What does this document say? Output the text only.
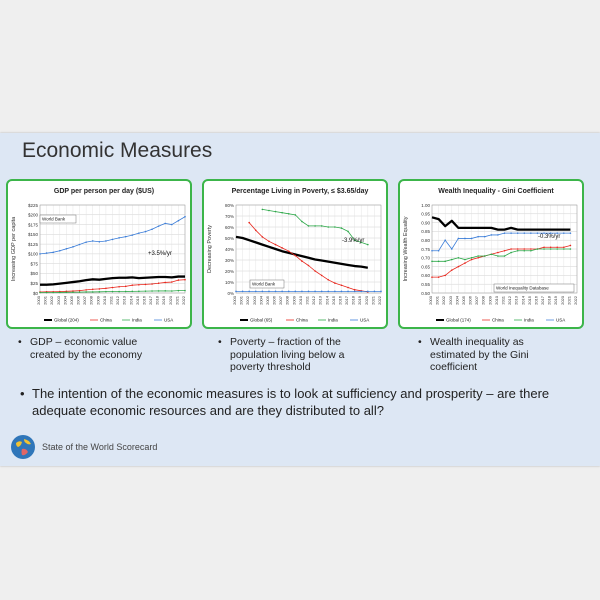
Economic Measures
GDP per person per day ($US)
Increasing GDP per capita
$0
$25
$50
$75
$100
$125
$150
$175
$200
$225
2000 2001 2002 2003 2004 2005 2006 2007 2008 2009 2010 2011 2012 2013 2014 2015 2016 2017 2018 2019 2020 2021 2022
World Bank
+3.5%/yr
Global (204)	China	India	USA
Percentage Living in Poverty, ≤ $3.65/day
Decreasing Poverty
0%
10%
20%
30%
40%
50%
60%
70%
80%
2000 2001 2002 2003 2004 2005 2006 2007 2008 2009 2010 2011 2012 2013 2014 2015 2016 2017 2018 2019 2020 2021 2022
World Bank
-3.9%/yr
Global (65)	China	India	USA
Wealth Inequality - Gini Coefficient
Increasing Wealth Equality
0.50
0.55
0.60
0.65
0.70
0.75
0.80
0.85
0.90
0.95
1.00
2000 2001 2002 2003 2004 2005 2006 2007 2008 2009 2010 2011 2012 2013 2014 2015 2016 2017 2018 2019 2020 2021 2022
World Inequality Database
-0.3%/yr
Global (174)	China	India	USA
• GDP – economic value created by the economy
• Poverty – fraction of the population living below a poverty threshold
• Wealth inequality as estimated by the Gini coefficient
• The intention of the economic measures is to look at sufficiency and prosperity – are there adequate economic resources and are they distributed to all?
State of the World Scorecard
